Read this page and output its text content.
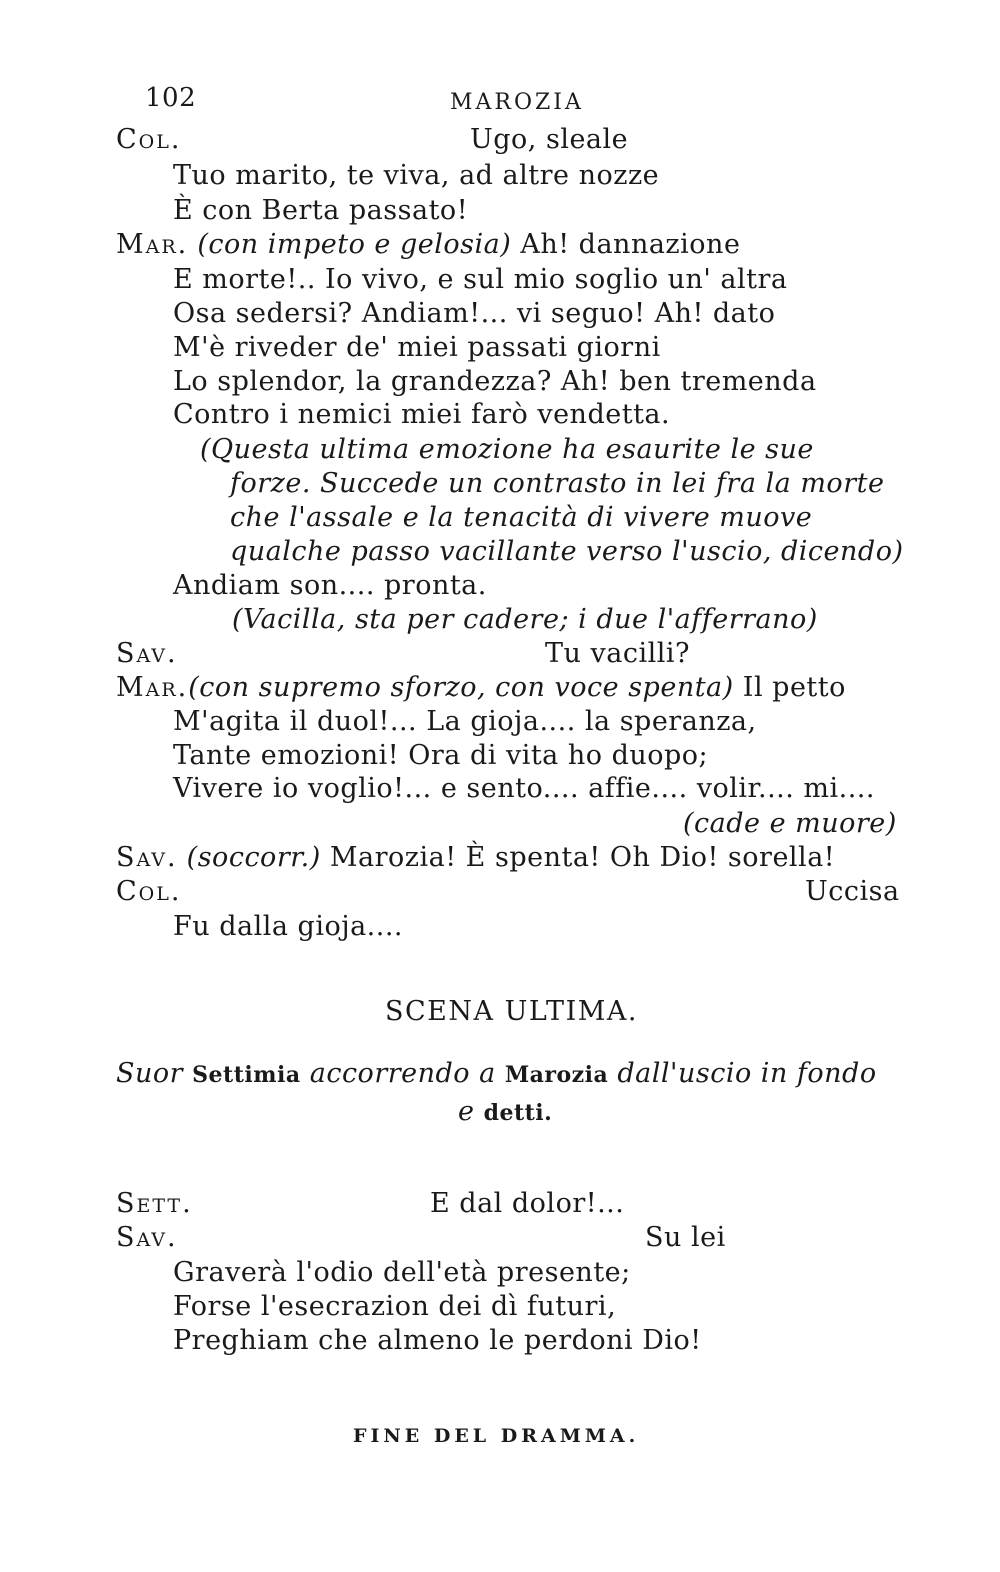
102	MAROZIA
Col.	Ugo, sleale
Tuo marito, te viva, ad altre nozze
È con Berta passato!
Mar. (con impeto e gelosia) Ah! dannazione
E morte!.. Io vivo, e sul mio soglio un' altra
Osa sedersi? Andiam!... vi seguo! Ah! dato
M'è riveder de' miei passati giorni
Lo splendor, la grandezza? Ah! ben tremenda
Contro i nemici miei farò vendetta.
(Questa ultima emozione ha esaurite le sue
forze. Succede un contrasto in lei fra la morte
che l'assale e la tenacità di vivere muove
qualche passo vacillante verso l'uscio, dicendo)
Andiam son.... pronta.
(Vacilla, sta per cadere; i due l'afferrano)
Sav.	Tu vacilli?
Mar.(con supremo sforzo, con voce spenta) Il petto
M'agita il duol!... La gioja.... la speranza,
Tante emozioni! Ora di vita ho duopo;
Vivere io voglio!... e sento.... affie.... volir.... mi....
(cade e muore)
Sav. (soccorr.) Marozia! È spenta! Oh Dio! sorella!
Col.	Uccisa
Fu dalla gioja....
SCENA ULTIMA.
Suor Settimia accorrendo a Marozia dall'uscio in fondo
e detti.
Sett.	E dal dolor!...
Sav.	Su lei
Graverà l'odio dell'età presente;
Forse l'esecrazion dei dì futuri,
Preghiam che almeno le perdoni Dio!
FINE DEL DRAMMA.
